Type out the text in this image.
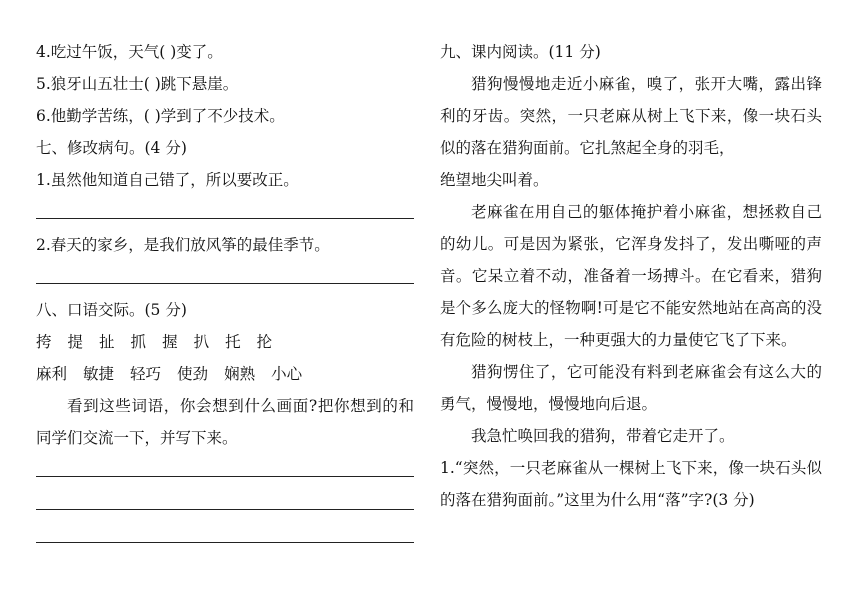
4.吃过午饭，天气( )变了。
5.狼牙山五壮士( )跳下悬崖。
6.他勤学苦练，( )学到了不少技术。
七、修改病句。(4 分)
1.虽然他知道自己错了，所以要改正。
2.春天的家乡，是我们放风筝的最佳季节。
八、口语交际。(5 分)
挎 提 扯 抓 握 扒 托 抡
麻利 敏捷 轻巧 使劲 娴熟 小心
看到这些词语，你会想到什么画面?把你想到的和同学们交流一下，并写下来。
九、课内阅读。(11 分)
猎狗慢慢地走近小麻雀，嗅了，张开大嘴，露出锋利的牙齿。突然，一只老麻从树上飞下来，像一块石头似的落在猎狗面前。它扎煞起全身的羽毛，
绝望地尖叫着。
老麻雀在用自己的躯体掩护着小麻雀，想拯救自己的幼儿。可是因为紧张，它浑身发抖了，发出嘶哑的声音。它呆立着不动，准备着一场搏斗。在它看来，猎狗是个多么庞大的怪物啊!可是它不能安然地站在高高的没有危险的树枝上，一种更强大的力量使它飞了下来。
猎狗愣住了，它可能没有料到老麻雀会有这么大的勇气，慢慢地，慢慢地向后退。
我急忙唤回我的猎狗，带着它走开了。
1.“突然，一只老麻雀从一棵树上飞下来，像一块石头似的落在猎狗面前。”这里为什么用“落”字?(3 分)
